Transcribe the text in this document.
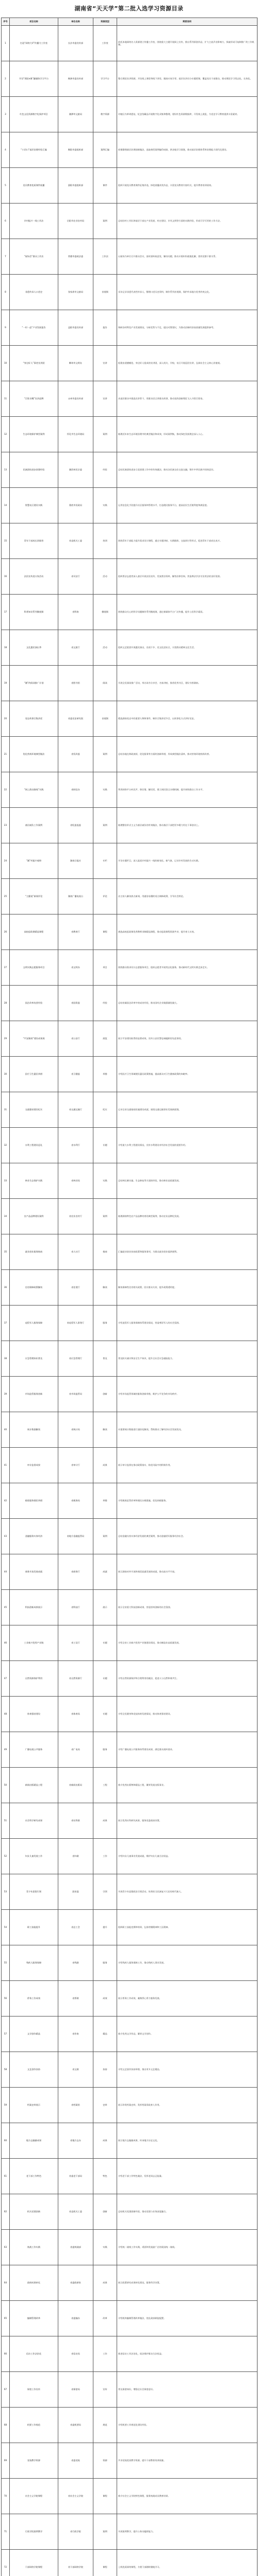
湖南省“天天学”第二批入选学习资源目录
序号	项目名称	单位名称	资源类型	简要说明
1	打造“网络大V”传播力工作室	长沙市委宣传部	工作室	依托本地网络名人资源建立传播工作室，围绕重大主题开展网上宣传，推出系列原创作品，扩大主流声音影响力，探索形成可复制推广的工作机制。
2	开设“理论e课”融媒体学习平台	株洲市委宣传部	学习平台	整合理论宣讲资源，开设线上课堂和线下讲堂，邀请专家学者、基层宣讲员分专题授课，覆盖党员干部群众，推动理论学习常态化、长效化。
3	红色文化资源数字化保护项目	湘潭市文旅局	数字资源	对辖区内革命遗址、纪念馆藏品开展数字化采集和整理，建设红色资源数据库，开发线上展览，为党史学习教育提供丰富素材。
4	“小切口”基层治理经验汇编	衡阳市委组织部	案例汇编	收集整理基层治理创新做法，选取典型案例编印成册，供各地学习借鉴，推动基层治理体系和治理能力现代化建设。
5	党员教育优质课件展播	邵阳市委组织部	课件	组织开展党员教育课件征集评选，择优展播获奖作品，丰富党员教育内容形式，提升教育培训质效。
6	乡村振兴一线工作法	岳阳市农业农村局	案例	总结驻村工作队和基层干部在产业发展、村庄建设、乡风文明等方面的实践经验，形成可学可用的工作方法。
7	“屋场会”群众工作法	常德市委政法委	工作法	以屋场为单位召开群众会议，面对面听取意见、解决问题，推动矛盾纠纷就地化解，密切党群干群关系。
8	非遗传承人口述史	张家界市文旅局	音视频	采访记录非遗代表性传承人，整理口述历史资料，制作系列音视频，保护传承地方优秀传统文化。
9	“一村一品”产业发展报告	益阳市委宣传部	报告	调研各村特色产业发展情况，分析优势与不足，提出对策建议，为推动县域经济高质量发展提供参考。
10	“身边好人”事迹宣讲团	郴州市文明办	宣讲	组建由道德模范、身边好人组成的宣讲团，深入机关、学校、社区开展巡回宣讲，弘扬社会主义核心价值观。
11	“百姓名嘴”宣讲品牌	永州市委宣传部	宣讲	从基层群众中挑选宣讲骨干，用群众语言讲群众故事，推动党的创新理论飞入寻常百姓家。
12	生态环境保护典型案例	怀化市生态环境局	案例	梳理近年来生态环境治理中的典型做法和成效，形成案例集，推动绿色发展理念深入人心。
13	民族团结进步创建经验	湘西州民宗委	经验	总结民族团结进步示范创建工作中的有效做法，推动各民族交往交流交融，铸牢中华民族共同体意识。
14	智慧社区建设实践	娄底市民政局	实践	运用信息化手段提升社区服务和管理水平，打造便民服务平台，提高居民生活便利度和满意度。
15	青年干部成长训练营	省直机关工委	培训	围绕青年干部能力提升需求设计课程，通过专题讲座、实践锻炼、交流研讨等形式，促进青年干部成长成才。
16	法治宣传进万家活动	省司法厅	活动	组织普法志愿者深入基层开展法治宣传，发放普法资料，解答法律咨询，营造尊法学法守法用法的良好氛围。
17	科普知识系列微视频	省科协	微视频	围绕群众关心的科学问题制作系列微视频，通过新媒体平台广泛传播，提升公民科学素质。
18	文化惠民演出季	省文旅厅	活动	组织文艺院团开展惠民演出，送戏下乡、送文化进社区，丰富群众精神文化生活。
19	“湘”约阅读推广计划	省图书馆	阅读	开展全民阅读推广活动，举办读书分享会、名家讲座，推荐优秀书目，建设书香湖南。
20	党史故事百集讲述	省委党史研究院	音视频	精选湖南党史中的重要人物和事件，制作百集讲述节目，以故事化方式讲好党史。
21	优化营商环境典型做法	省发改委	案例	总结各地在简政放权、优化服务等方面的创新举措，形成典型做法清单，推动营商环境持续改善。
22	“网上群众路线”实践	省网信办	实践	利用网络平台听民声、察民情、解民忧，建立网民留言办理机制，提升网络群众工作水平。
23	基层减负工作案例	省纪委监委	案例	梳理整治形式主义为基层减负的有效做法，推动基层干部把更多精力用在干事创业上。
24	“湘”村振兴观察	湖南日报社	专栏	开设专题栏目，深入报道乡村振兴一线的新变化、新气象，记录乡村发展的生动实践。
25	“主播说”新闻评论	湖南广播电视台	评论	由主持人解读热点新闻，用通俗易懂的语言阐释政策，引导社会舆论。
26	高校思政课精品课程	省教育厅	课程	遴选高校思政课优秀教师录制精品课程，推动思政课程资源共享，提升育人实效。
27	文明实践志愿服务项目	省文明办	项目	围绕群众需求设计志愿服务项目，组织志愿者开展常态化服务，推动新时代文明实践走深走实。
28	国企改革攻坚经验	省国资委	经验	总结省属国企改革中的成功经验，推动国有企业做强做优做大。
29	“平安湖南”建设成果展	省公安厅	展览	展示平安建设取得的显著成效，宣传公安民警忠诚履职的先进事迹。
30	医疗卫生惠民举措	省卫健委	举措	介绍医疗卫生领域便民惠民政策措施，提高群众对卫生健康政策的知晓率。
31	交通强省建设纪实	省交通运输厅	纪实	记录全省交通基础设施建设成就，展现交通运输事业发展新面貌。
32	水利工程建设巡礼	省水利厅	专题	介绍重大水利工程建设情况，宣传水利建设对经济社会发展的重要作用。
33	林业生态保护实践	省林业局	实践	总结林长制实施、生态修复等方面的经验，推动林业高质量发展。
34	农产品品牌建设案例	省农业农村厅	案例	梳理湖南特色农产品品牌培育的典型案例，推动农业品牌化发展。
35	就业创业服务指南	省人社厅	指南	汇编就业创业扶持政策和服务事项，为群众就业创业提供便利。
36	住房保障政策解读	省住建厅	解读	解读保障性住房相关政策，回应群众关切，提升政策透明度。
37	退役军人服务保障	省退役军人事务厅	服务	介绍退役军人服务保障体系建设情况，营造尊崇军人的社会氛围。
38	应急管理知识普及	省应急管理厅	普及	普及防灾减灾和安全生产知识，提升全社会应急避险能力。
39	市场监管服务创新	省市场监管局	创新	介绍市场监管领域的服务创新举措，维护公平竞争的市场秩序。
40	统计数据解读	省统计局	解读	对重要统计数据进行通俗化解读，帮助群众了解经济社会发展状况。
41	审计监督成果	省审计厅	成果	展示审计监督在推动政策落实、防范风险中的积极作用。
42	税收服务便民举措	省税务局	举措	介绍税收征管改革和便民办税措施，优化纳税服务。
43	金融服务实体经济	省地方金融监管局	案例	总结金融支持实体经济发展的典型案例，推动金融更好服务经济社会。
44	商务开放发展成就	省商务厅	成就	展示湖南对外开放和商贸流通发展的成就，推动高水平开放。
45	科技创新成果展示	省科技厅	展示	展示全省重大科技创新成果，营造崇尚创新的社会氛围。
46	工业新兴优势产业链	省工信厅	专题	介绍全省工业新兴优势产业链建设情况，推动制造业高质量发展。
47	自然资源保护利用	省自然资源厅	专题	介绍自然资源保护和合理利用的做法，促进人与自然和谐共生。
48	体育强省建设	省体育局	专题	介绍全民健身和竞技体育发展情况，推动体育强省建设。
49	广播电视公共服务	省广电局	服务	介绍广播电视公共服务体系建设成果，满足群众视听需求。
50	新闻出版精品工程	省新闻出版局	工程	推介优秀出版物和精品工程，繁荣发展出版事业。
51	社会科学研究成果	省社科联	成果	展示优秀社科研究成果，服务党委政府决策。
52	妇女儿童发展工作	省妇联	工作	介绍妇女儿童事业发展成就，维护妇女儿童合法权益。
53	青少年思想引领	团省委	引领	开展青少年思想政治引领活动，培养担当民族复兴大任的时代新人。
54	职工技能提升	省总工会	提升	组织职工技能竞赛和培训，弘扬劳模精神和工匠精神。
55	残疾人服务保障	省残联	服务	介绍残疾人服务保障工作，推动残疾人事业发展。
56	侨务工作成效	省侨联	成效	展示侨务工作成效，凝聚侨心侨力服务发展。
57	文学创作精品	省作协	精品	推介优秀文学作品，繁荣文学创作。
58	文艺创作扶持	省文联	扶持	介绍文艺创作扶持举措，推出更多文艺精品。
59	档案史料展示	省档案馆	史料	展示珍贵档案史料，发挥档案资政育人作用。
60	地方志编纂成果	省地方志办	成果	展示地方志编纂成果，传承地方历史文化。
61	老干部工作特色	省委老干部局	特色	介绍老干部工作特色做法，发挥老同志正能量。
62	机关党建创新	省直机关工委	创新	总结机关党建创新经验，推动党建与业务深度融合。
63	统战工作实践	省委统战部	实践	介绍统一战线工作实践，巩固和发展最广泛的爱国统一战线。
64	政研成果转化	省委政研室	成果	展示政策研究成果转化情况，服务科学决策。
65	编制管理改革	省委编办	改革	介绍机构编制管理改革做法，优化政府职能配置。
66	信访工作法治化	省信访局	工作	推进信访工作法治化，依法维护群众合法权益。
67	保密工作宣传	省保密局	宣传	普及保密知识，增强全社会保密意识。
68	机要工作规范	省委机要局	规范	介绍机要工作规范化建设经验。
69	党校教学资源	省委党校	资源	共享党校优质教学资源，提升干部教育培训质量。
70	社会主义学院课程	省社会主义学院	课程	推介社会主义学院特色课程，服务统战成员教育培训。
71	行政学院案例教学	省行政学院	案例	开展案例教学，提升公务员履职能力。
72	干部网络学院课程	省干部网络学院	课程	上线优质网络课程，方便干部随时随地学习。
